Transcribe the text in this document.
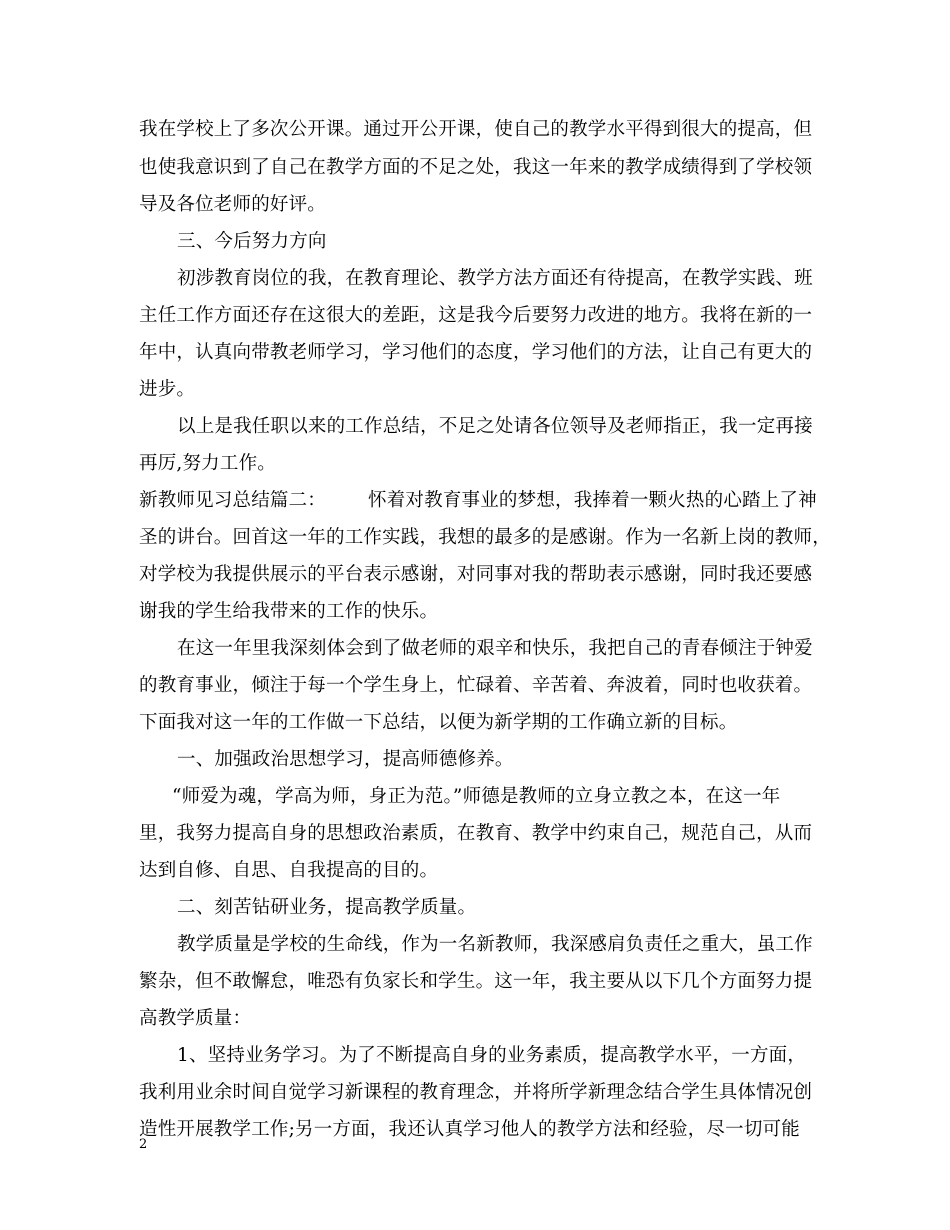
我在学校上了多次公开课。通过开公开课，使自己的教学水平得到很大的提高，但
也使我意识到了自己在教学方面的不足之处，我这一年来的教学成绩得到了学校领
导及各位老师的好评。
三、今后努力方向
初涉教育岗位的我，在教育理论、教学方法方面还有待提高，在教学实践、班
主任工作方面还存在这很大的差距，这是我今后要努力改进的地方。我将在新的一
年中，认真向带教老师学习，学习他们的态度，学习他们的方法，让自己有更大的
进步。
以上是我任职以来的工作总结，不足之处请各位领导及老师指正，我一定再接
再厉,努力工作。
新教师见习总结篇二： 怀着对教育事业的梦想，我捧着一颗火热的心踏上了神
圣的讲台。回首这一年的工作实践，我想的最多的是感谢。作为一名新上岗的教师，
对学校为我提供展示的平台表示感谢，对同事对我的帮助表示感谢，同时我还要感
谢我的学生给我带来的工作的快乐。
在这一年里我深刻体会到了做老师的艰辛和快乐，我把自己的青春倾注于钟爱
的教育事业，倾注于每一个学生身上，忙碌着、辛苦着、奔波着，同时也收获着。
下面我对这一年的工作做一下总结，以便为新学期的工作确立新的目标。
一、加强政治思想学习，提高师德修养。
“师爱为魂，学高为师，身正为范。”师德是教师的立身立教之本，在这一年
里，我努力提高自身的思想政治素质，在教育、教学中约束自己，规范自己，从而
达到自修、自思、自我提高的目的。
二、刻苦钻研业务，提高教学质量。
教学质量是学校的生命线，作为一名新教师，我深感肩负责任之重大，虽工作
繁杂，但不敢懈怠，唯恐有负家长和学生。这一年，我主要从以下几个方面努力提
高教学质量：
1、坚持业务学习。为了不断提高自身的业务素质，提高教学水平，一方面，
我利用业余时间自觉学习新课程的教育理念，并将所学新理念结合学生具体情况创
造性开展教学工作;另一方面，我还认真学习他人的教学方法和经验，尽一切可能
2
